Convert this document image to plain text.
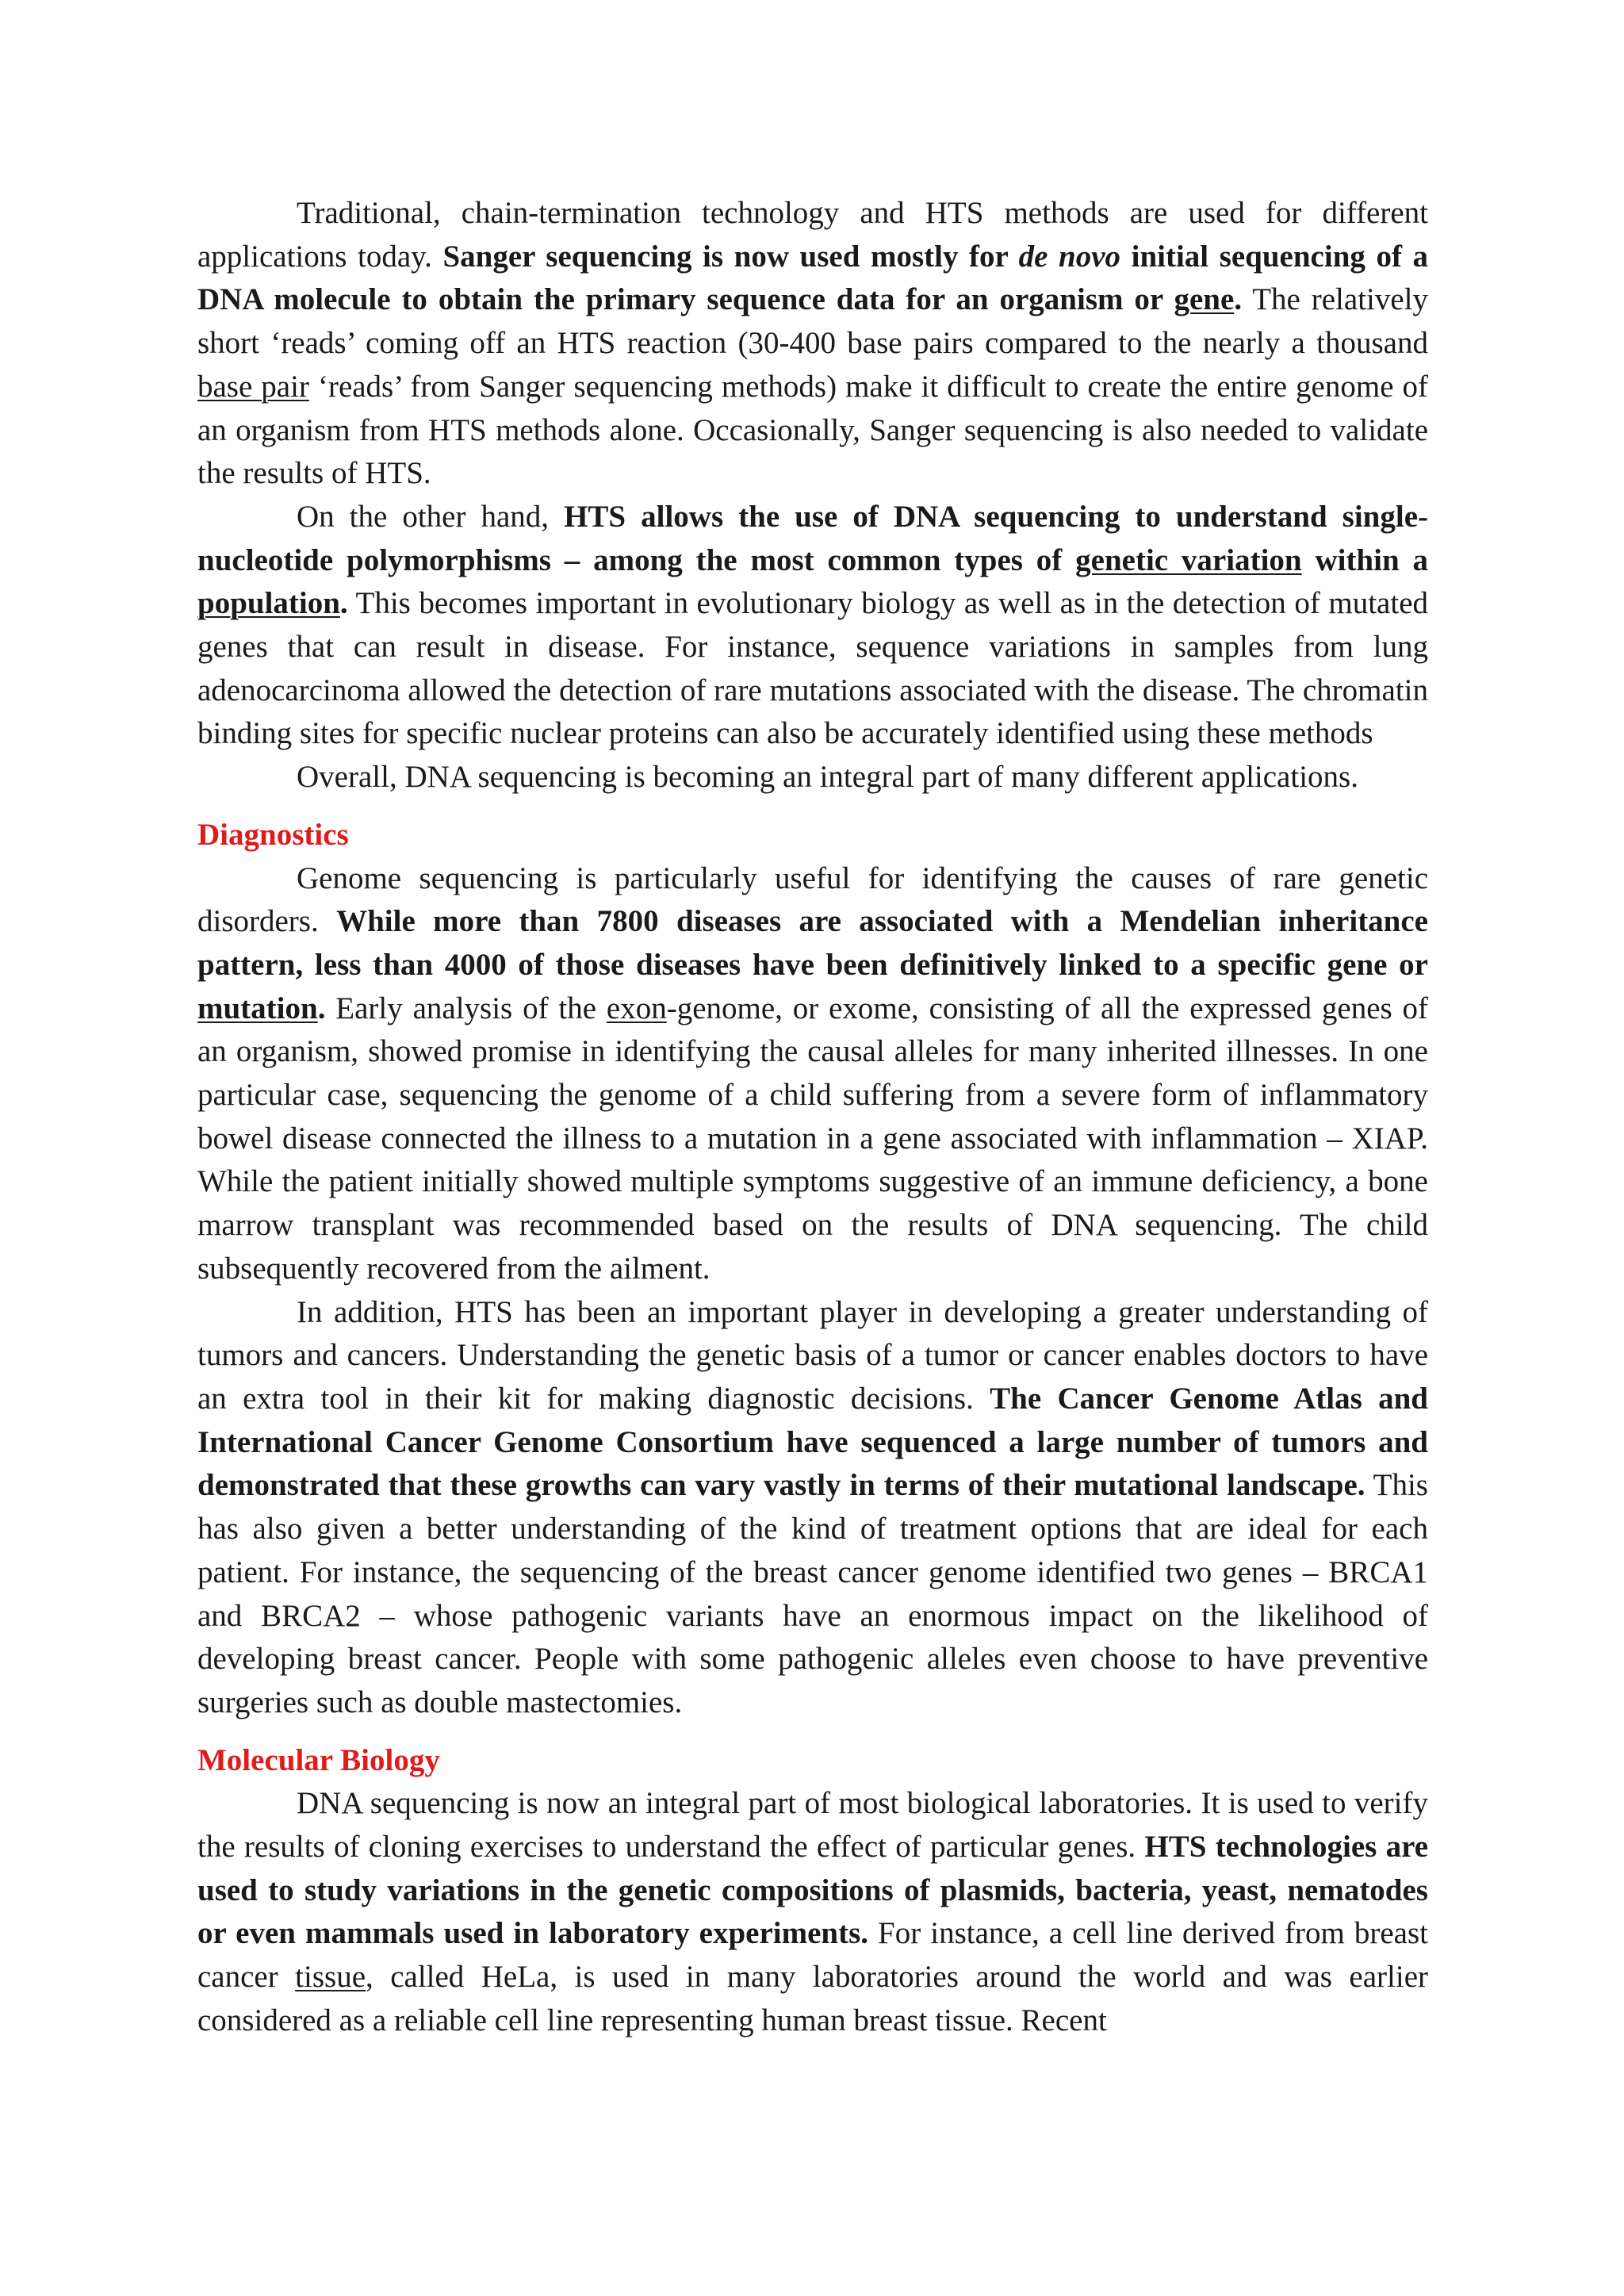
Traditional, chain-termination technology and HTS methods are used for different applications today. Sanger sequencing is now used mostly for de novo initial sequencing of a DNA molecule to obtain the primary sequence data for an organism or gene. The relatively short ‘reads’ coming off an HTS reaction (30-400 base pairs compared to the nearly a thousand base pair ‘reads’ from Sanger sequencing methods) make it difficult to create the entire genome of an organism from HTS methods alone. Occasionally, Sanger sequencing is also needed to validate the results of HTS.

On the other hand, HTS allows the use of DNA sequencing to understand single-nucleotide polymorphisms – among the most common types of genetic variation within a population. This becomes important in evolutionary biology as well as in the detection of mutated genes that can result in disease. For instance, sequence variations in samples from lung adenocarcinoma allowed the detection of rare mutations associated with the disease. The chromatin binding sites for specific nuclear proteins can also be accurately identified using these methods

Overall, DNA sequencing is becoming an integral part of many different applications.

Diagnostics

Genome sequencing is particularly useful for identifying the causes of rare genetic disorders. While more than 7800 diseases are associated with a Mendelian inheritance pattern, less than 4000 of those diseases have been definitively linked to a specific gene or mutation. Early analysis of the exon-genome, or exome, consisting of all the expressed genes of an organism, showed promise in identifying the causal alleles for many inherited illnesses. In one particular case, sequencing the genome of a child suffering from a severe form of inflammatory bowel disease connected the illness to a mutation in a gene associated with inflammation – XIAP. While the patient initially showed multiple symptoms suggestive of an immune deficiency, a bone marrow transplant was recommended based on the results of DNA sequencing. The child subsequently recovered from the ailment.

In addition, HTS has been an important player in developing a greater understanding of tumors and cancers. Understanding the genetic basis of a tumor or cancer enables doctors to have an extra tool in their kit for making diagnostic decisions. The Cancer Genome Atlas and International Cancer Genome Consortium have sequenced a large number of tumors and demonstrated that these growths can vary vastly in terms of their mutational landscape. This has also given a better understanding of the kind of treatment options that are ideal for each patient. For instance, the sequencing of the breast cancer genome identified two genes – BRCA1 and BRCA2 – whose pathogenic variants have an enormous impact on the likelihood of developing breast cancer. People with some pathogenic alleles even choose to have preventive surgeries such as double mastectomies.

Molecular Biology

DNA sequencing is now an integral part of most biological laboratories. It is used to verify the results of cloning exercises to understand the effect of particular genes. HTS technologies are used to study variations in the genetic compositions of plasmids, bacteria, yeast, nematodes or even mammals used in laboratory experiments. For instance, a cell line derived from breast cancer tissue, called HeLa, is used in many laboratories around the world and was earlier considered as a reliable cell line representing human breast tissue. Recent
